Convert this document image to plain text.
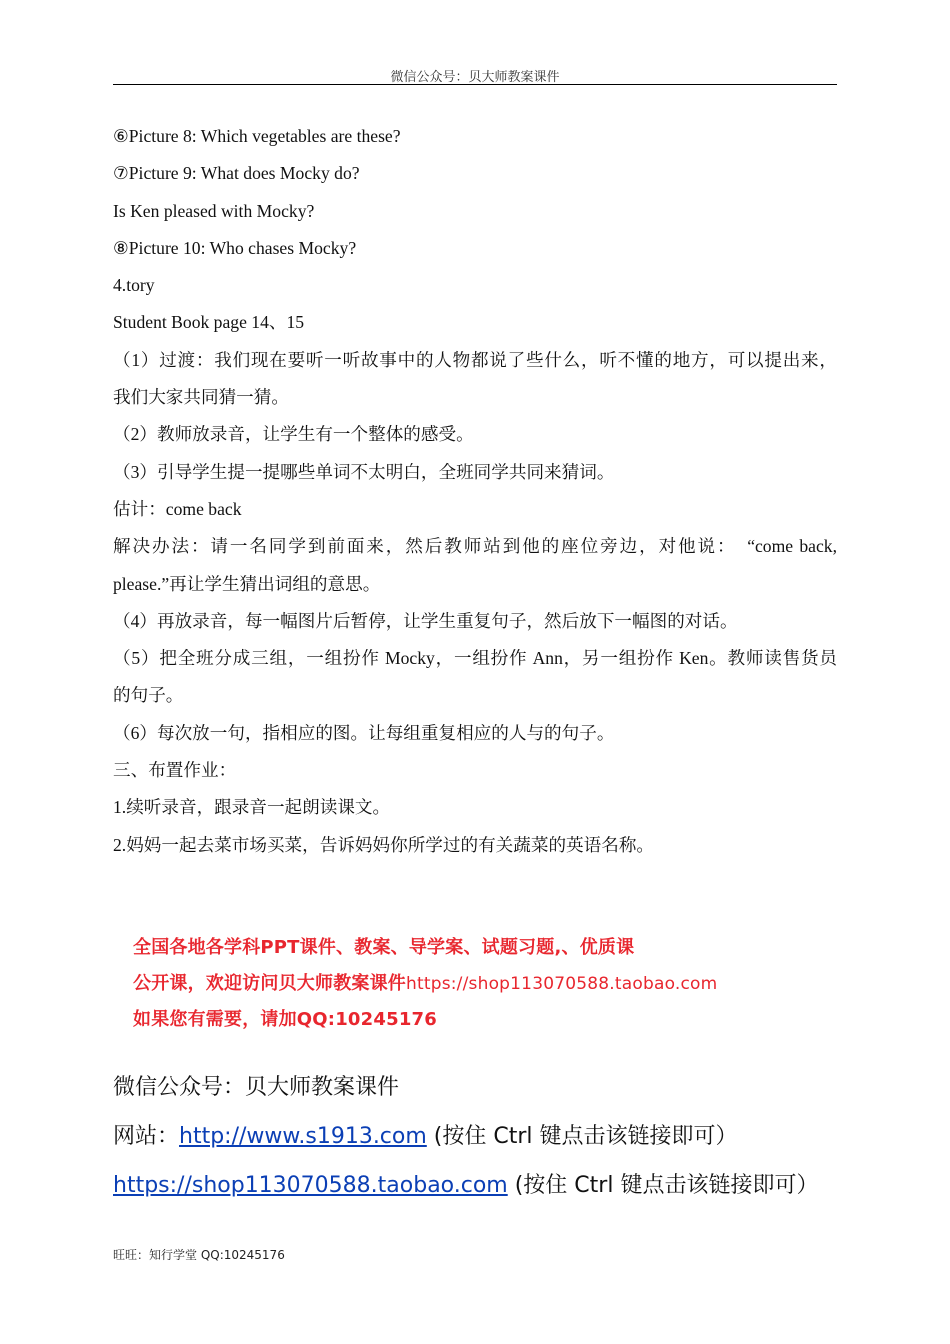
微信公众号：贝大师教案课件
⑥Picture 8: Which vegetables are these?
⑦Picture 9: What does Mocky do?
Is Ken pleased with Mocky?
⑧Picture 10: Who chases Mocky?
4.tory
Student Book page 14、15
（1）过渡：我们现在要听一听故事中的人物都说了些什么，听不懂的地方，可以提出来，
我们大家共同猜一猜。
（2）教师放录音，让学生有一个整体的感受。
（3）引导学生提一提哪些单词不太明白，全班同学共同来猜词。
估计：come back
解决办法：请一名同学到前面来，然后教师站到他的座位旁边，对他说：　“come back,
please.”再让学生猜出词组的意思。
（4）再放录音，每一幅图片后暂停，让学生重复句子，然后放下一幅图的对话。
（5）把全班分成三组，一组扮作 Mocky，一组扮作 Ann，另一组扮作 Ken。教师读售货员
的句子。
（6）每次放一句，指相应的图。让每组重复相应的人与的句子。
三、布置作业：
1.续听录音，跟录音一起朗读课文。
2.妈妈一起去菜市场买菜，告诉妈妈你所学过的有关蔬菜的英语名称。
全国各地各学科PPT课件、教案、导学案、试题习题,、优质课
公开课，欢迎访问贝大师教案课件https://shop113070588.taobao.com
如果您有需要，请加QQ:10245176
微信公众号：贝大师教案课件
网站：http://www.s1913.com (按住 Ctrl 键点击该链接即可）
https://shop113070588.taobao.com (按住 Ctrl 键点击该链接即可）
旺旺：知行学堂 QQ:10245176
